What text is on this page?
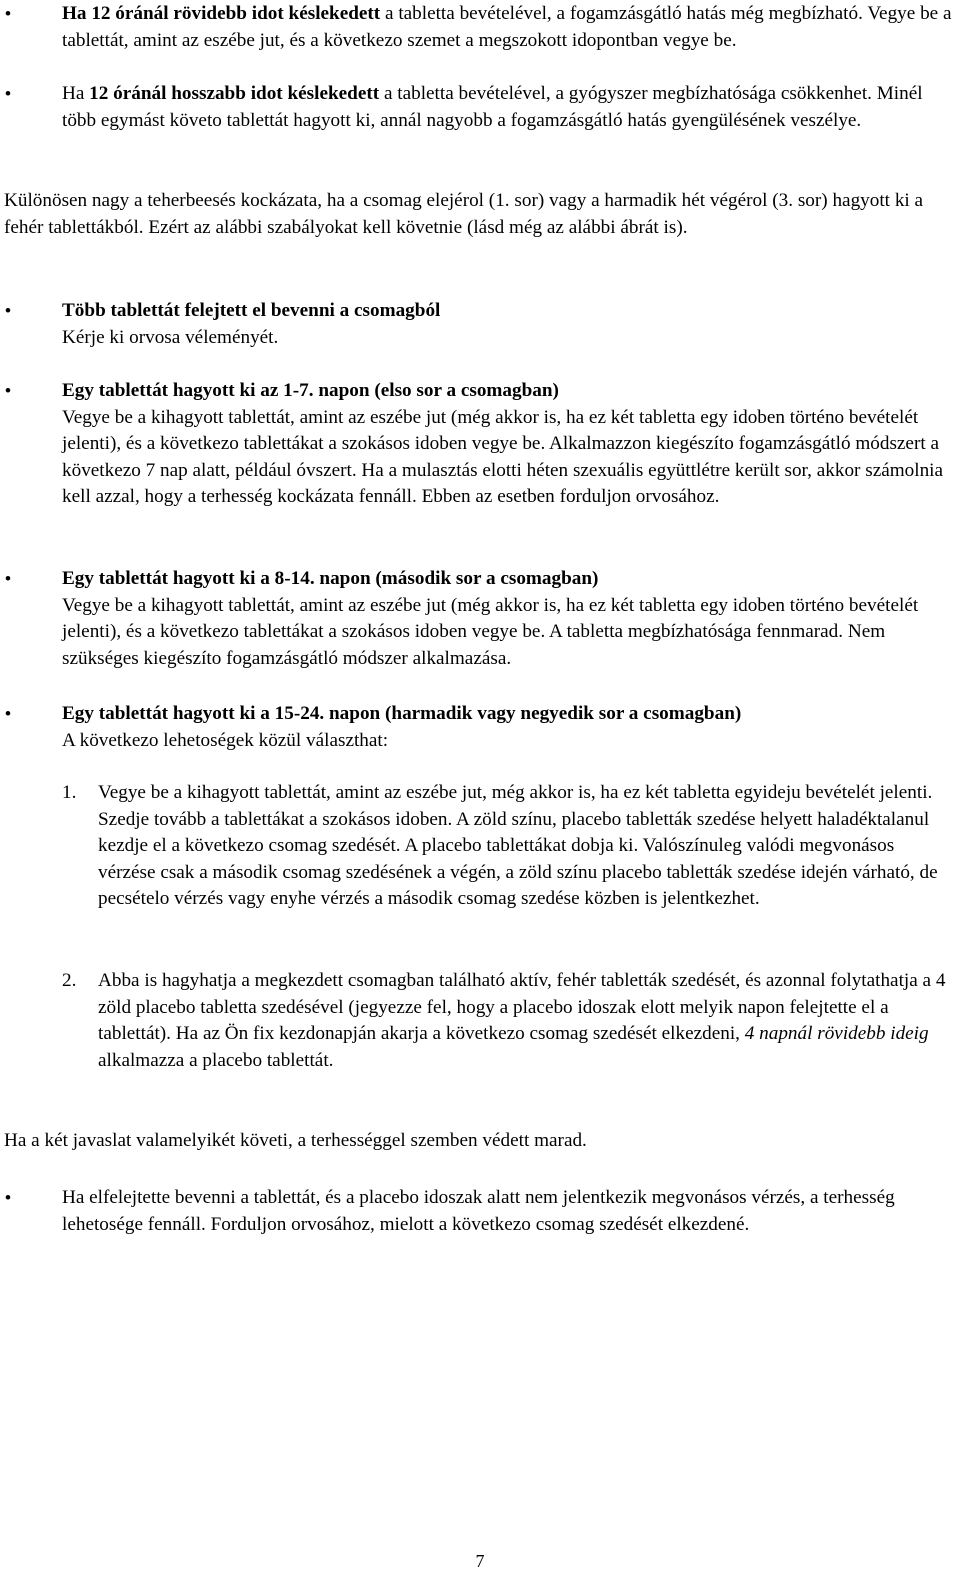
• Ha 12 óránál rövidebb idot késlekedett a tabletta bevételével, a fogamzásgátló hatás még megbízható. Vegye be a tablettát, amint az eszébe jut, és a következo szemet a megszokott idopontban vegye be.

• Ha 12 óránál hosszabb idot késlekedett a tabletta bevételével, a gyógyszer megbízhatósága csökkenhet. Minél több egymást követo tablettát hagyott ki, annál nagyobb a fogamzásgátló hatás gyengülésének veszélye.

Különösen nagy a teherbeesés kockázata, ha a csomag elejérol (1. sor) vagy a harmadik hét végérol (3. sor) hagyott ki a fehér tablettákból. Ezért az alábbi szabályokat kell követnie (lásd még az alábbi ábrát is).

• Több tablettát felejtett el bevenni a csomagból

Kérje ki orvosa véleményét.

• Egy tablettát hagyott ki az 1-7. napon (elso sor a csomagban)

Vegye be a kihagyott tablettát, amint az eszébe jut (még akkor is, ha ez két tabletta egy idoben történo bevételét jelenti), és a következo tablettákat a szokásos idoben vegye be. Alkalmazzon kiegészíto fogamzásgátló módszert a következo 7 nap alatt, például óvszert. Ha a mulasztás elotti héten szexuális együttlétre került sor, akkor számolnia kell azzal, hogy a terhesség kockázata fennáll. Ebben az esetben forduljon orvosához.

• Egy tablettát hagyott ki a 8-14. napon (második sor a csomagban)

Vegye be a kihagyott tablettát, amint az eszébe jut (még akkor is, ha ez két tabletta egy idoben történo bevételét jelenti), és a következo tablettákat a szokásos idoben vegye be. A tabletta megbízhatósága fennmarad. Nem szükséges kiegészíto fogamzásgátló módszer alkalmazása.

• Egy tablettát hagyott ki a 15-24. napon (harmadik vagy negyedik sor a csomagban)

A következo lehetoségek közül választhat:

1. Vegye be a kihagyott tablettát, amint az eszébe jut, még akkor is, ha ez két tabletta egyideju bevételét jelenti. Szedje tovább a tablettákat a szokásos idoben. A zöld színu, placebo tabletták szedése helyett haladéktalanul kezdje el a következo csomag szedését. A placebo tablettákat dobja ki. Valószínuleg valódi megvonásos vérzése csak a második csomag szedésének a végén, a zöld színu placebo tabletták szedése idején várható, de pecsételo vérzés vagy enyhe vérzés a második csomag szedése közben is jelentkezhet.

2. Abba is hagyhatja a megkezdett csomagban található aktív, fehér tabletták szedését, és azonnal folytathatja a 4 zöld placebo tabletta szedésével (jegyezze fel, hogy a placebo idoszak elott melyik napon felejtette el a tablettát). Ha az Ön fix kezdonapján akarja a következo csomag szedését elkezdeni, 4 napnál rövidebb ideig alkalmazza a placebo tablettát.

Ha a két javaslat valamelyikét követi, a terhességgel szemben védett marad.

• Ha elfelejtette bevenni a tablettát, és a placebo idoszak alatt nem jelentkezik megvonásos vérzés, a terhesség lehetosége fennáll. Forduljon orvosához, mielott a következo csomag szedését elkezdené.

7
